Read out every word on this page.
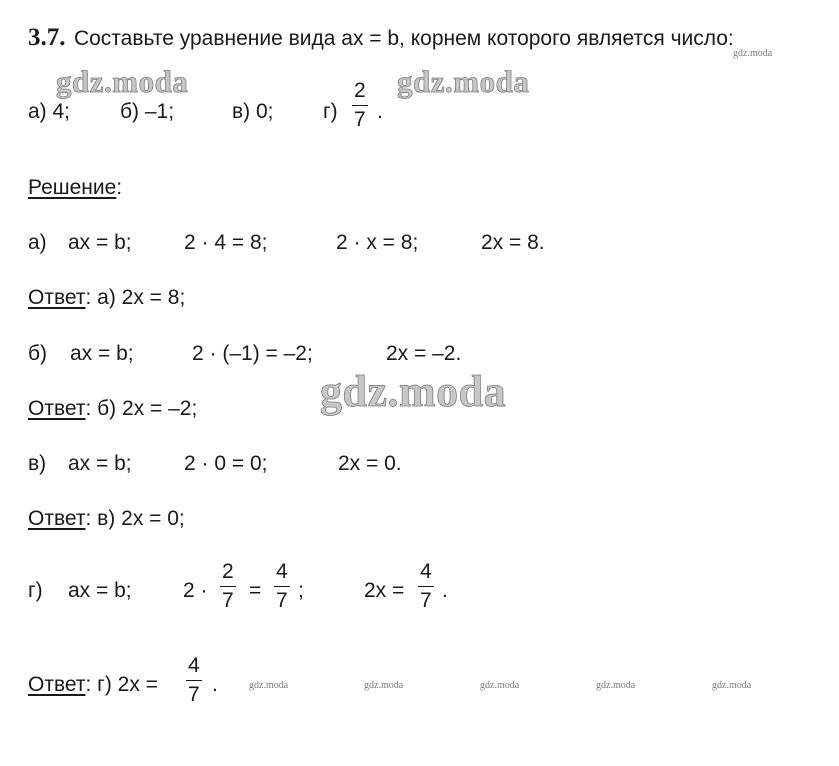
3.7. Составьте уравнение вида ax = b, корнем которого является число:
а) 4; б) –1;	в) 0; г)
2
7 .
Решение:
а) ax = b; 2 · 4 = 8;	2 · x = 8;	2x = 8.
Ответ: а) 2x = 8;
б) ax = b;	2 · (–1) = –2;	2x = –2.
Ответ: б) 2x = –2;
в) ax = b; 2 · 0 = 0;	2x = 0.
Ответ: в) 2x = 0;
г) ax = b; 2 ·
2
7 =
4
7 ;	2x =
4
7 .
Ответ: г) 2x =
4
7 .
gdz.moda	gdz.moda
gdz.moda
gdz.moda
gdz.moda	gdz.moda	gdz.moda	gdz.moda	gdz.moda
